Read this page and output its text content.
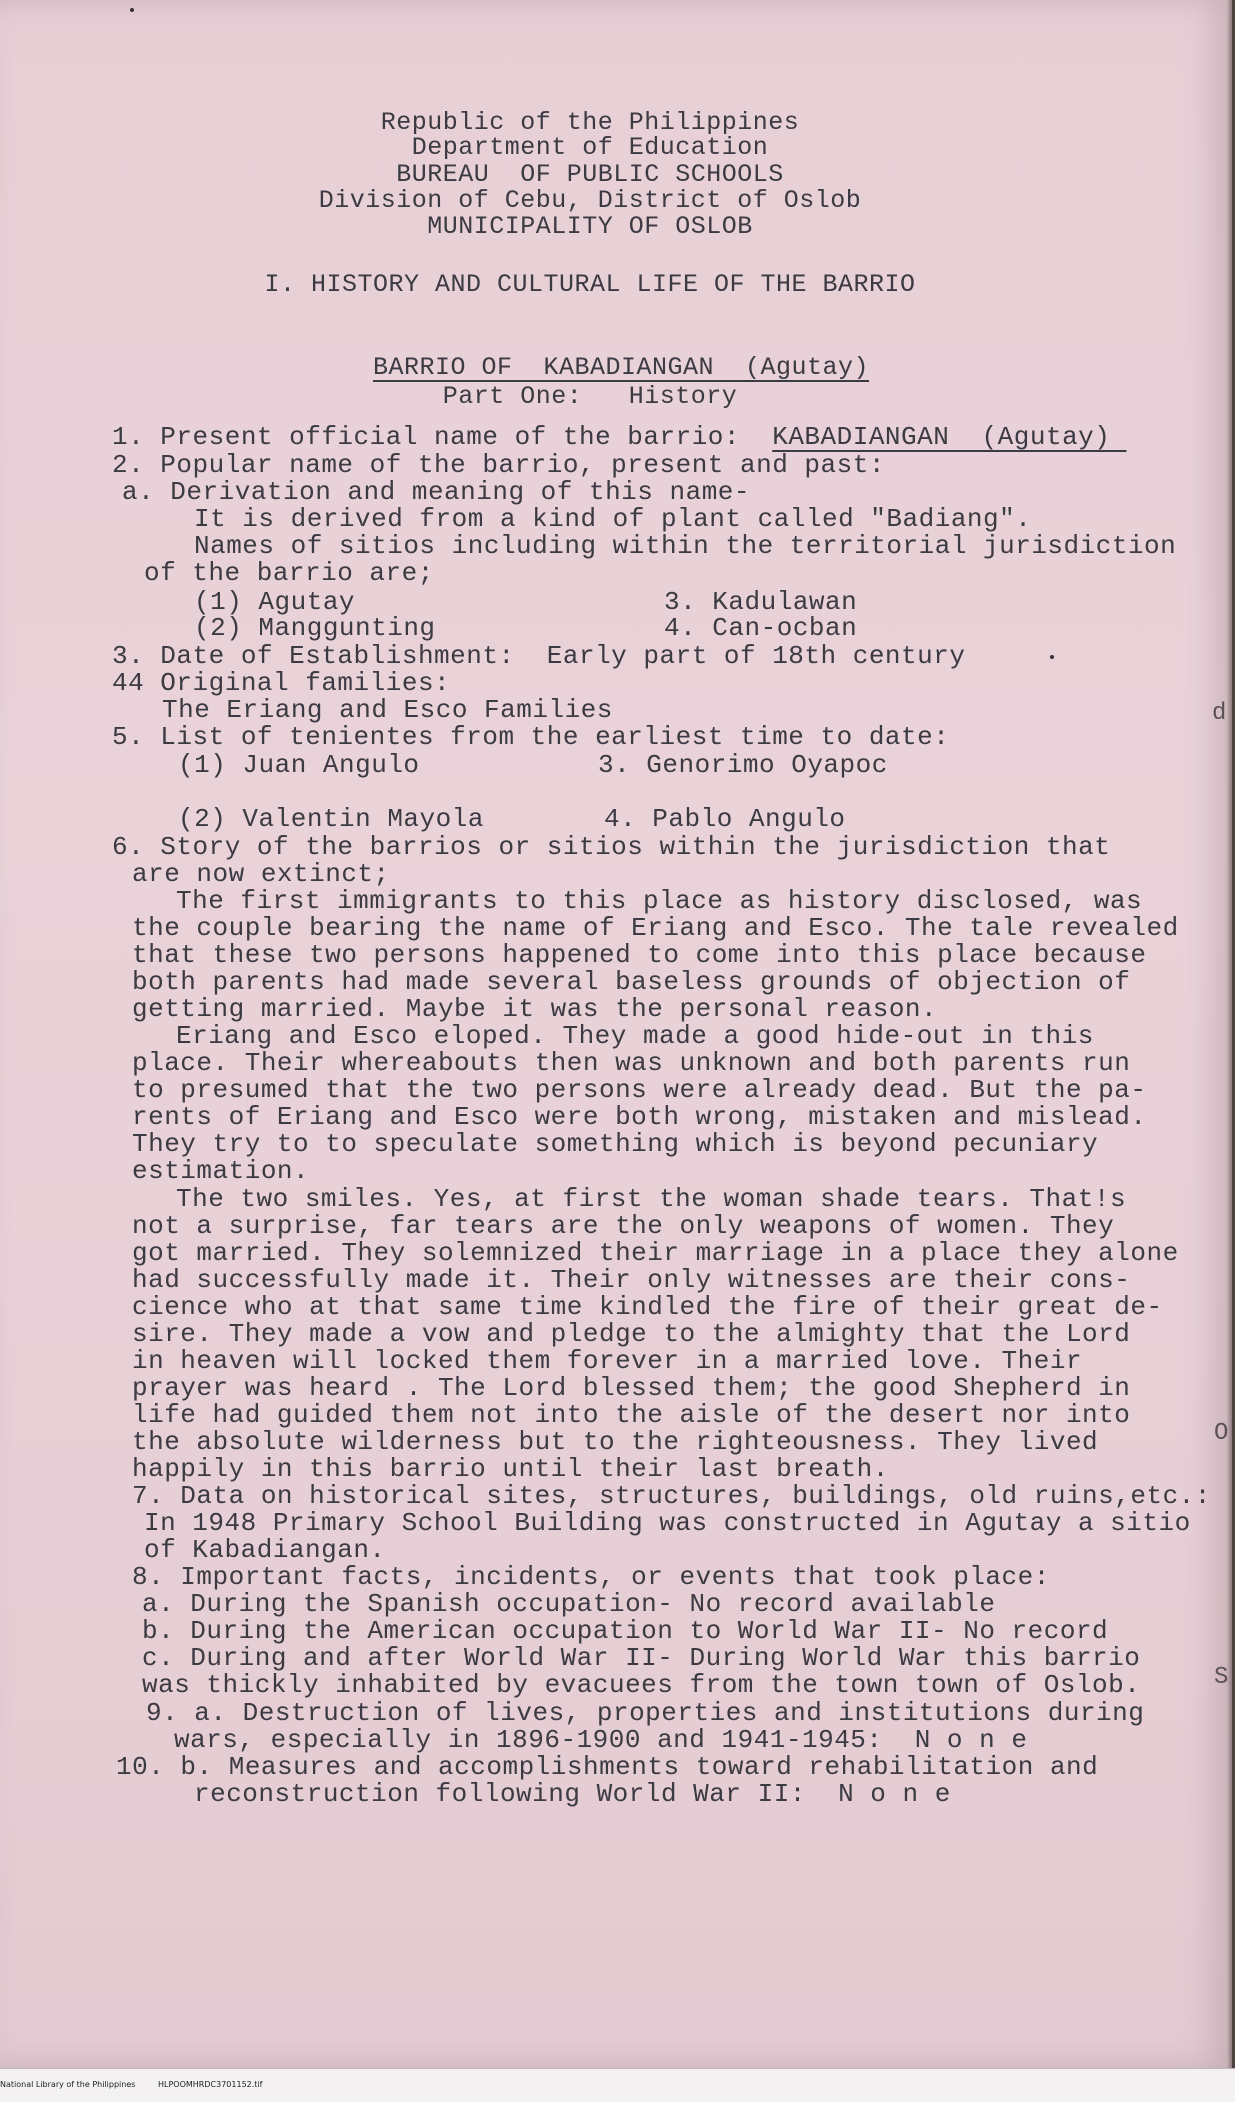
Republic of the Philippines
Department of Education
BUREAU  OF PUBLIC SCHOOLS
Division of Cebu, District of Oslob
MUNICIPALITY OF OSLOB
I. HISTORY AND CULTURAL LIFE OF THE BARRIO

BARRIO OF  KABADIANGAN  (Agutay)

Part One:   History
1. Present official name of the barrio:  KABADIANGAN  (Agutay)
2. Popular name of the barrio, present and past:
a. Derivation and meaning of this name-
It is derived from a kind of plant called "Badiang".
Names of sitios including within the territorial jurisdiction
of the barrio are;
(1) Agutay	3. Kadulawan
(2) Manggunting	4. Can-ocban
3. Date of Establishment:  Early part of 18th century
44 Original families:
The Eriang and Esco Families
5. List of tenientes from the earliest time to date:
(1) Juan Angulo	3. Genorimo Oyapoc
(2) Valentin Mayola	4. Pablo Angulo
6. Story of the barrios or sitios within the jurisdiction that
are now extinct;
The first immigrants to this place as history disclosed, was
the couple bearing the name of Eriang and Esco. The tale revealed
that these two persons happened to come into this place because
both parents had made several baseless grounds of objection of
getting married. Maybe it was the personal reason.
Eriang and Esco eloped. They made a good hide-out in this
place. Their whereabouts then was unknown and both parents run
to presumed that the two persons were already dead. But the pa-
rents of Eriang and Esco were both wrong, mistaken and mislead.
They try to to speculate something which is beyond pecuniary
estimation.
The two smiles. Yes, at first the woman shade tears. That!s
not a surprise, far tears are the only weapons of women. They
got married. They solemnized their marriage in a place they alone
had successfully made it. Their only witnesses are their cons-
cience who at that same time kindled the fire of their great de-
sire. They made a vow and pledge to the almighty that the Lord
in heaven will locked them forever in a married love. Their
prayer was heard . The Lord blessed them; the good Shepherd in
life had guided them not into the aisle of the desert nor into
the absolute wilderness but to the righteousness. They lived
happily in this barrio until their last breath.
7. Data on historical sites, structures, buildings, old ruins,etc.:
In 1948 Primary School Building was constructed in Agutay a sitio
of Kabadiangan.
8. Important facts, incidents, or events that took place:
a. During the Spanish occupation- No record available
b. During the American occupation to World War II- No record
c. During and after World War II- During World War this barrio
was thickly inhabited by evacuees from the town town of Oslob.
9. a. Destruction of lives, properties and institutions during
wars, especially in 1896-1900 and 1941-1945:  N o n e
10. b. Measures and accomplishments toward rehabilitation and
reconstruction following World War II:  N o n e
d
O
S
National Library of the Philippines	HLPOOMHRDC3701152.tif
